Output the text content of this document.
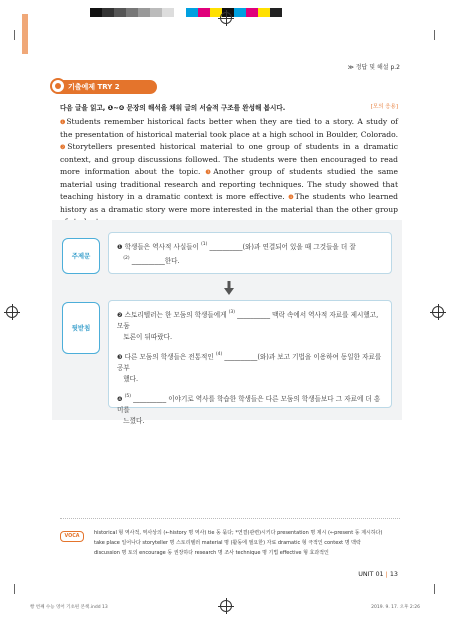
≫ 정답 및 해설 p.2
기출예제 TRY 2
다음 글을 읽고, ❶~❹ 문장의 해석을 채워 글의 서술적 구조를 완성해 봅시다.	[모의 응용]

❶Students remember historical facts better when they are tied to a story. A study of the presentation of historical material took place at a high school in Boulder, Colorado. ❷Storytellers presented historical material to one group of students in a dramatic context, and group discussions followed. The students were then encouraged to read more information about the topic. ❸Another group of students studied the same material using traditional research and reporting techniques. The study showed that teaching history in a dramatic context is more effective. ❹The students who learned history as a dramatic story were more interested in the material than the other group

주제문
❶ 학생들은 역사적 사실들이 $^{(1)}$ __________(와)과 연결되어 있을 때 그것들을 더 잘
$^{(2)}$ __________한다.
뒷받침
❷ 스토리텔러는 한 모둠의 학생들에게 $^{(3)}$ __________ 맥락 속에서 역사적 자료를 제시했고, 모둠
토론이 뒤따랐다.
❸ 다른 모둠의 학생들은 전통적인 $^{(4)}$ __________(와)과 보고 기법을 이용하여 동일한 자료를 공부
했다.
❹ $^{(5)}$ __________ 이야기로 역사를 학습한 학생들은 다른 모둠의 학생들보다 그 자료에 더 흥미를
느꼈다.
VOCA
historical 형 역사적, 역사상의 (←history 명 역사) tie 동 묶다; *연결(관련)시키다 presentation 명 제시 (←present 동 제시하다)
take place 일어나다 storyteller 명 스토리텔러 material 명 (활동에 필요한) 자료 dramatic 형 극적인 context 명 맥락
discussion 명 토의 encourage 동 권장하다 research 명 조사 technique 명 기법 effective 형 효과적인
UNIT 01 | 13
빵 번째 수능 영어 기초편 본책.indd 13	2019. 9. 17. 오후 2:26
